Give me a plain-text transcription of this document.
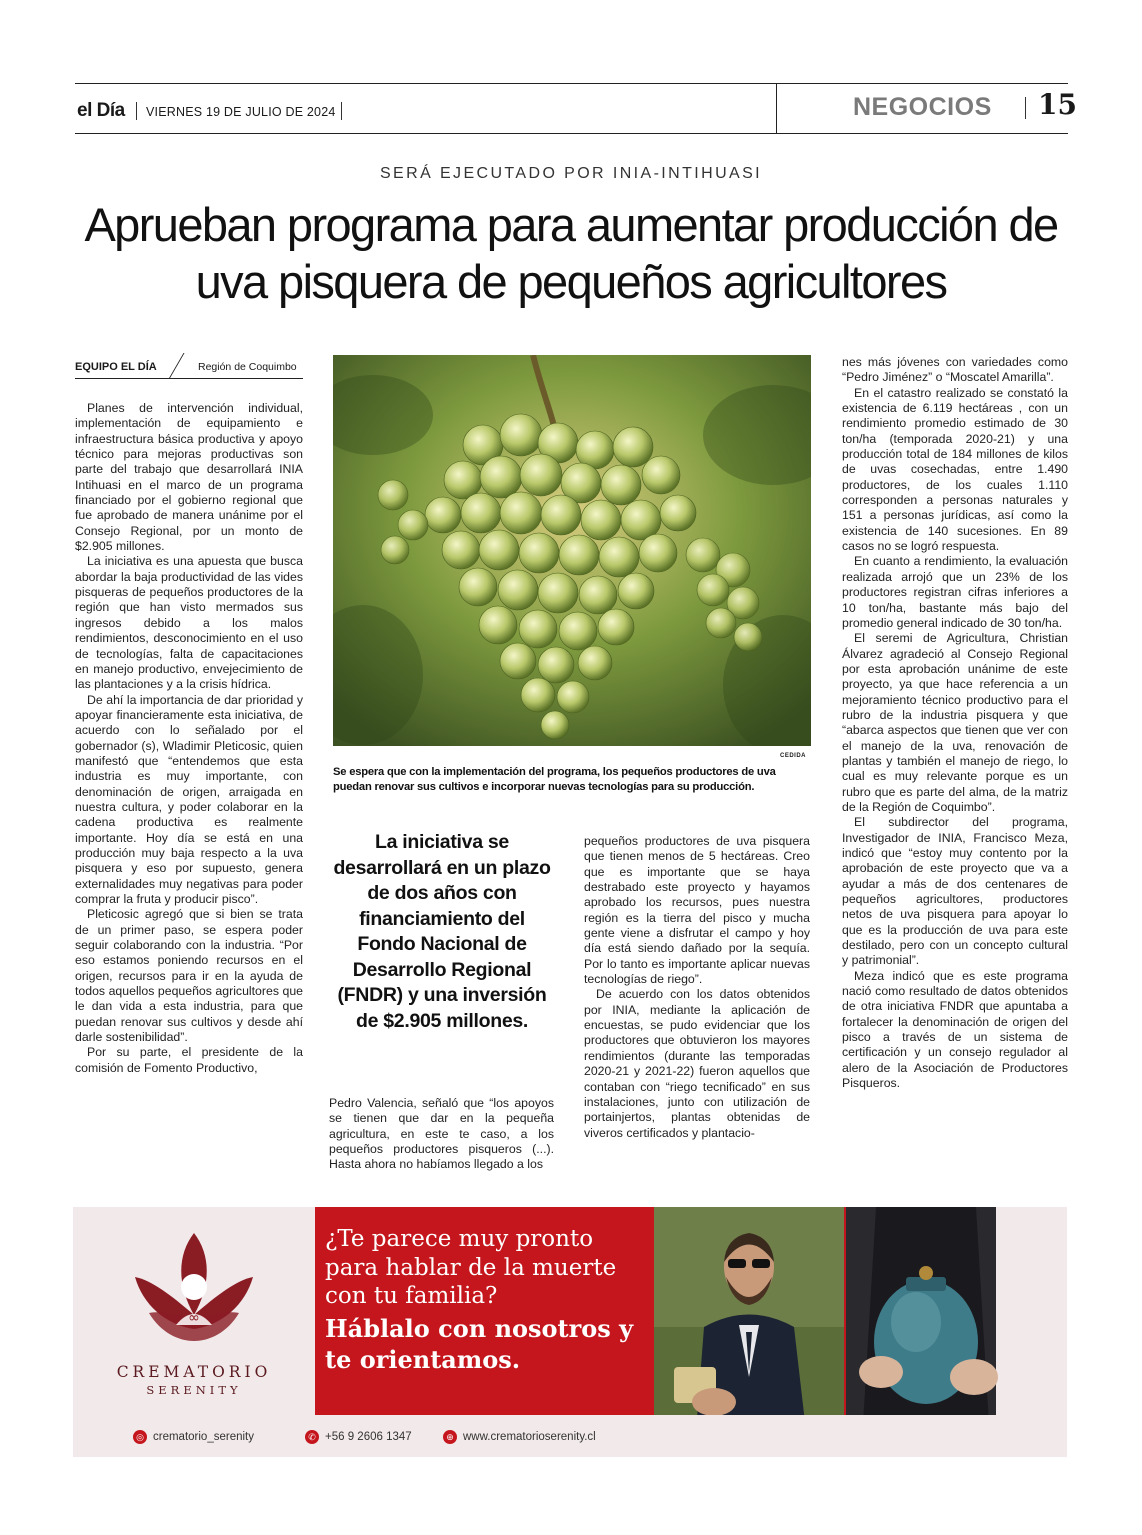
el Día VIERNES 19 DE JULIO DE 2024	NEGOCIOS 15
SERÁ EJECUTADO POR INIA-INTIHUASI
Aprueban programa para aumentar producción de uva pisquera de pequeños agricultores
EQUIPO EL DÍA	Región de Coquimbo

Planes de intervención individual, implementación de equipamiento e infraestructura básica productiva y apoyo técnico para mejoras productivas son parte del trabajo que desarrollará INIA Intihuasi en el marco de un programa financiado por el gobierno regional que fue aprobado de manera unánime por el Consejo Regional, por un monto de $2.905 millones.

La iniciativa es una apuesta que busca abordar la baja productividad de las vides pisqueras de pequeños productores de la región que han visto mermados sus ingresos debido a los malos rendimientos, desconocimiento en el uso de tecnologías, falta de capacitaciones en manejo productivo, envejecimiento de las plantaciones y a la crisis hídrica.

De ahí la importancia de dar prioridad y apoyar financieramente esta iniciativa, de acuerdo con lo señalado por el gobernador (s), Wladimir Pleticosic, quien manifestó que “entendemos que esta industria es muy importante, con denominación de origen, arraigada en nuestra cultura, y poder colaborar en la cadena productiva es realmente importante. Hoy día se está en una producción muy baja respecto a la uva pisquera y eso por supuesto, genera externalidades muy negativas para poder comprar la fruta y producir pisco”.

Pleticosic agregó que si bien se trata de un primer paso, se espera poder seguir colaborando con la industria. “Por eso estamos poniendo recursos en el origen, recursos para ir en la ayuda de todos aquellos pequeños agricultores que le dan vida a esta industria, para que puedan renovar sus cultivos y desde ahí darle sostenibilidad”.

Por su parte, el presidente de la comisión de Fomento Productivo,

CEDIDA
Se espera que con la implementación del programa, los pequeños productores de uva puedan renovar sus cultivos e incorporar nuevas tecnologías para su producción.
La iniciativa se desarrollará en un plazo de dos años con financiamiento del Fondo Nacional de Desarrollo Regional (FNDR) y una inversión de $2.905 millones.

Pedro Valencia, señaló que “los apoyos se tienen que dar en la pequeña agricultura, en este te caso, a los pequeños productores pisqueros (...). Hasta ahora no habíamos llegado a los

pequeños productores de uva pisquera que tienen menos de 5 hectáreas. Creo que es importante que se haya destrabado este proyecto y hayamos aprobado los recursos, pues nuestra región es la tierra del pisco y mucha gente viene a disfrutar el campo y hoy día está siendo dañado por la sequía. Por lo tanto es importante aplicar nuevas tecnologías de riego”.

De acuerdo con los datos obtenidos por INIA, mediante la aplicación de encuestas, se pudo evidenciar que los productores que obtuvieron los mayores rendimientos (durante las temporadas 2020-21 y 2021-22) fueron aquellos que contaban con “riego tecnificado” en sus instalaciones, junto con utilización de portainjertos, plantas obtenidas de viveros certificados y plantacio-

nes más jóvenes con variedades como “Pedro Jiménez” o “Moscatel Amarilla”.

En el catastro realizado se constató la existencia de 6.119 hectáreas , con un rendimiento promedio estimado de 30 ton/ha (temporada 2020-21) y una producción total de 184 millones de kilos de uvas cosechadas, entre 1.490 productores, de los cuales 1.110 corresponden a personas naturales y 151 a personas jurídicas, así como la existencia de 140 sucesiones. En 89 casos no se logró respuesta.

En cuanto a rendimiento, la evaluación realizada arrojó que un 23% de los productores registran cifras inferiores a 10 ton/ha, bastante más bajo del promedio general indicado de 30 ton/ha.

El seremi de Agricultura, Christian Álvarez agradeció al Consejo Regional por esta aprobación unánime de este proyecto, ya que hace referencia a un mejoramiento técnico productivo para el rubro de la industria pisquera y que “abarca aspectos que tienen que ver con el manejo de la uva, renovación de plantas y también el manejo de riego, lo cual es muy relevante porque es un rubro que es parte del alma, de la matriz de la Región de Coquimbo”.

El subdirector del programa, Investigador de INIA, Francisco Meza, indicó que “estoy muy contento por la aprobación de este proyecto que va a ayudar a más de dos centenares de pequeños agricultores, productores netos de uva pisquera para apoyar lo que es la producción de uva para este destilado, pero con un concepto cultural y patrimonial”.

Meza indicó que es este programa nació como resultado de datos obtenidos de otra iniciativa FNDR que apuntaba a fortalecer la denominación de origen del pisco a través de un sistema de certificación y un consejo regulador al alero de la Asociación de Productores Pisqueros.

∞
CREMATORIO
SERENITY
¿Te parece muy pronto
para hablar de la muerte
con tu familia?
Háblalo con nosotros y
te orientamos.
◎ crematorio_serenity	✆ +56 9 2606 1347	⊕ www.crematorioserenity.cl
